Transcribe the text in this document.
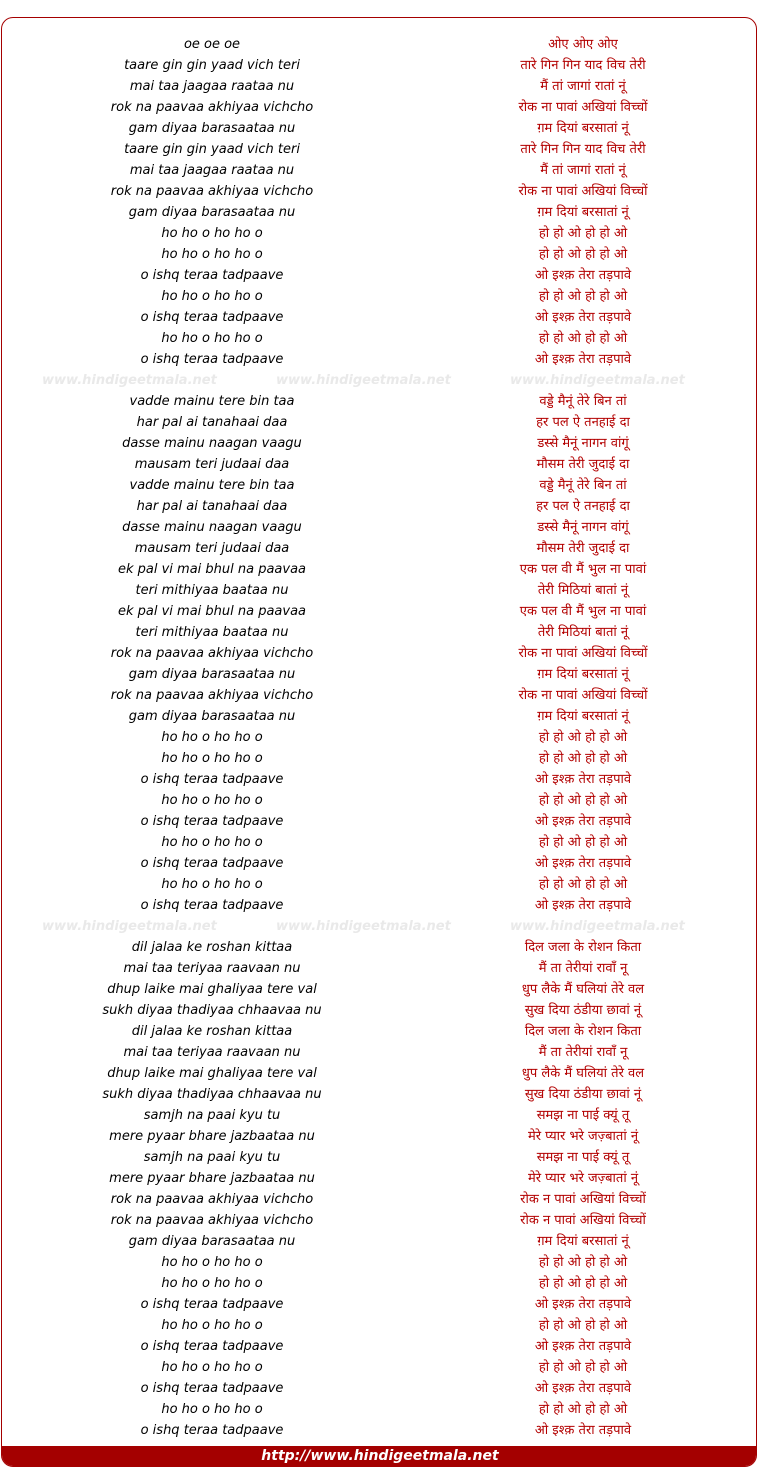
oe oe oe	ओए ओए ओए
taare gin gin yaad vich teri	तारे गिन गिन याद विच तेरी
mai taa jaagaa raataa nu	मैं तां जागां रातां नूं
rok na paavaa akhiyaa vichcho	रोक ना पावां अखियां विच्चों
gam diyaa barasaataa nu	ग़म दियां बरसातां नूं
taare gin gin yaad vich teri	तारे गिन गिन याद विच तेरी
mai taa jaagaa raataa nu	मैं तां जागां रातां नूं
rok na paavaa akhiyaa vichcho	रोक ना पावां अखियां विच्चों
gam diyaa barasaataa nu	ग़म दियां बरसातां नूं
ho ho o ho ho o	हो हो ओ हो हो ओ
ho ho o ho ho o	हो हो ओ हो हो ओ
o ishq teraa tadpaave	ओ इश्क़ तेरा तड़पावे
ho ho o ho ho o	हो हो ओ हो हो ओ
o ishq teraa tadpaave	ओ इश्क़ तेरा तड़पावे
ho ho o ho ho o	हो हो ओ हो हो ओ
o ishq teraa tadpaave	ओ इश्क़ तेरा तड़पावे
www.hindigeetmala.net	www.hindigeetmala.net	www.hindigeetmala.net
vadde mainu tere bin taa	वड्डे मैनूं तेरे बिन तां
har pal ai tanahaai daa	हर पल ऐ तनहाई दा
dasse mainu naagan vaagu	डस्से मैनूं नागन वांगूं
mausam teri judaai daa	मौसम तेरी जुदाई दा
vadde mainu tere bin taa	वड्डे मैनूं तेरे बिन तां
har pal ai tanahaai daa	हर पल ऐ तनहाई दा
dasse mainu naagan vaagu	डस्से मैनूं नागन वांगूं
mausam teri judaai daa	मौसम तेरी जुदाई दा
ek pal vi mai bhul na paavaa	एक पल वी मैं भुल ना पावां
teri mithiyaa baataa nu	तेरी मिठियां बातां नूं
ek pal vi mai bhul na paavaa	एक पल वी मैं भुल ना पावां
teri mithiyaa baataa nu	तेरी मिठियां बातां नूं
rok na paavaa akhiyaa vichcho	रोक ना पावां अखियां विच्चों
gam diyaa barasaataa nu	ग़म दियां बरसातां नूं
rok na paavaa akhiyaa vichcho	रोक ना पावां अखियां विच्चों
gam diyaa barasaataa nu	ग़म दियां बरसातां नूं
ho ho o ho ho o	हो हो ओ हो हो ओ
ho ho o ho ho o	हो हो ओ हो हो ओ
o ishq teraa tadpaave	ओ इश्क़ तेरा तड़पावे
ho ho o ho ho o	हो हो ओ हो हो ओ
o ishq teraa tadpaave	ओ इश्क़ तेरा तड़पावे
ho ho o ho ho o	हो हो ओ हो हो ओ
o ishq teraa tadpaave	ओ इश्क़ तेरा तड़पावे
ho ho o ho ho o	हो हो ओ हो हो ओ
o ishq teraa tadpaave	ओ इश्क़ तेरा तड़पावे
www.hindigeetmala.net	www.hindigeetmala.net	www.hindigeetmala.net
dil jalaa ke roshan kittaa	दिल जला के रोशन किता
mai taa teriyaa raavaan nu	मैं ता तेरीयां रावाँ नू
dhup laike mai ghaliyaa tere val	धुप लैके मैं घलियां तेरे वल
sukh diyaa thadiyaa chhaavaa nu	सुख दिया ठंडीया छावां नूं
dil jalaa ke roshan kittaa	दिल जला के रोशन किता
mai taa teriyaa raavaan nu	मैं ता तेरीयां रावाँ नू
dhup laike mai ghaliyaa tere val	धुप लैके मैं घलियां तेरे वल
sukh diyaa thadiyaa chhaavaa nu	सुख दिया ठंडीया छावां नूं
samjh na paai kyu tu	समझ ना पाई क्यूं तू
mere pyaar bhare jazbaataa nu	मेरे प्यार भरे जज़्बातां नूं
samjh na paai kyu tu	समझ ना पाई क्यूं तू
mere pyaar bhare jazbaataa nu	मेरे प्यार भरे जज़्बातां नूं
rok na paavaa akhiyaa vichcho	रोक न पावां अखियां विच्चों
rok na paavaa akhiyaa vichcho	रोक न पावां अखियां विच्चों
gam diyaa barasaataa nu	ग़म दियां बरसातां नूं
ho ho o ho ho o	हो हो ओ हो हो ओ
ho ho o ho ho o	हो हो ओ हो हो ओ
o ishq teraa tadpaave	ओ इश्क़ तेरा तड़पावे
ho ho o ho ho o	हो हो ओ हो हो ओ
o ishq teraa tadpaave	ओ इश्क़ तेरा तड़पावे
ho ho o ho ho o	हो हो ओ हो हो ओ
o ishq teraa tadpaave	ओ इश्क़ तेरा तड़पावे
ho ho o ho ho o	हो हो ओ हो हो ओ
o ishq teraa tadpaave	ओ इश्क़ तेरा तड़पावे
http://www.hindigeetmala.net
